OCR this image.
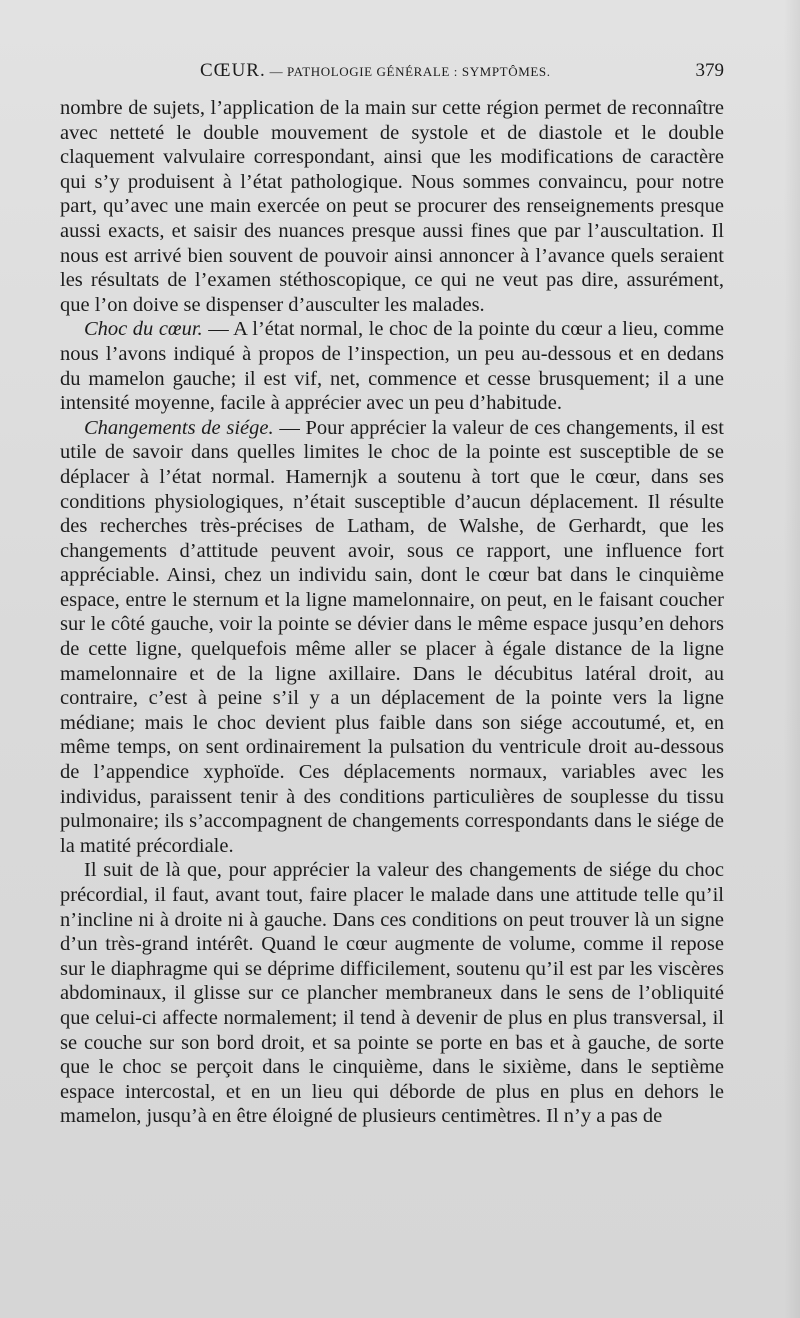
CŒUR. — PATHOLOGIE GÉNÉRALE : SYMPTÔMES.	379

nombre de sujets, l’application de la main sur cette région permet de reconnaître avec netteté le double mouvement de systole et de diastole et le double claquement valvulaire correspondant, ainsi que les modifications de caractère qui s’y produisent à l’état pathologique. Nous sommes convaincu, pour notre part, qu’avec une main exercée on peut se procurer des renseignements presque aussi exacts, et saisir des nuances presque aussi fines que par l’auscultation. Il nous est arrivé bien souvent de pouvoir ainsi annoncer à l’avance quels seraient les résultats de l’examen stéthoscopique, ce qui ne veut pas dire, assurément, que l’on doive se dispenser d’ausculter les malades.

Choc du cœur. — A l’état normal, le choc de la pointe du cœur a lieu, comme nous l’avons indiqué à propos de l’inspection, un peu au-dessous et en dedans du mamelon gauche; il est vif, net, commence et cesse brusquement; il a une intensité moyenne, facile à apprécier avec un peu d’habitude.

Changements de siége. — Pour apprécier la valeur de ces changements, il est utile de savoir dans quelles limites le choc de la pointe est susceptible de se déplacer à l’état normal. Hamernjk a soutenu à tort que le cœur, dans ses conditions physiologiques, n’était susceptible d’aucun déplacement. Il résulte des recherches très-précises de Latham, de Walshe, de Gerhardt, que les changements d’attitude peuvent avoir, sous ce rapport, une influence fort appréciable. Ainsi, chez un individu sain, dont le cœur bat dans le cinquième espace, entre le sternum et la ligne mamelonnaire, on peut, en le faisant coucher sur le côté gauche, voir la pointe se dévier dans le même espace jusqu’en dehors de cette ligne, quelquefois même aller se placer à égale distance de la ligne mamelonnaire et de la ligne axillaire. Dans le décubitus latéral droit, au contraire, c’est à peine s’il y a un déplacement de la pointe vers la ligne médiane; mais le choc devient plus faible dans son siége accoutumé, et, en même temps, on sent ordinairement la pulsation du ventricule droit au-dessous de l’appendice xyphoïde. Ces déplacements normaux, variables avec les individus, paraissent tenir à des conditions particulières de souplesse du tissu pulmonaire; ils s’accompagnent de changements correspondants dans le siége de la matité précordiale.

Il suit de là que, pour apprécier la valeur des changements de siége du choc précordial, il faut, avant tout, faire placer le malade dans une attitude telle qu’il n’incline ni à droite ni à gauche. Dans ces conditions on peut trouver là un signe d’un très-grand intérêt. Quand le cœur augmente de volume, comme il repose sur le diaphragme qui se déprime difficilement, soutenu qu’il est par les viscères abdominaux, il glisse sur ce plancher membraneux dans le sens de l’obliquité que celui-ci affecte normalement; il tend à devenir de plus en plus transversal, il se couche sur son bord droit, et sa pointe se porte en bas et à gauche, de sorte que le choc se perçoit dans le cinquième, dans le sixième, dans le septième espace intercostal, et en un lieu qui déborde de plus en plus en dehors le mamelon, jusqu’à en être éloigné de plusieurs centimètres. Il n’y a pas de
